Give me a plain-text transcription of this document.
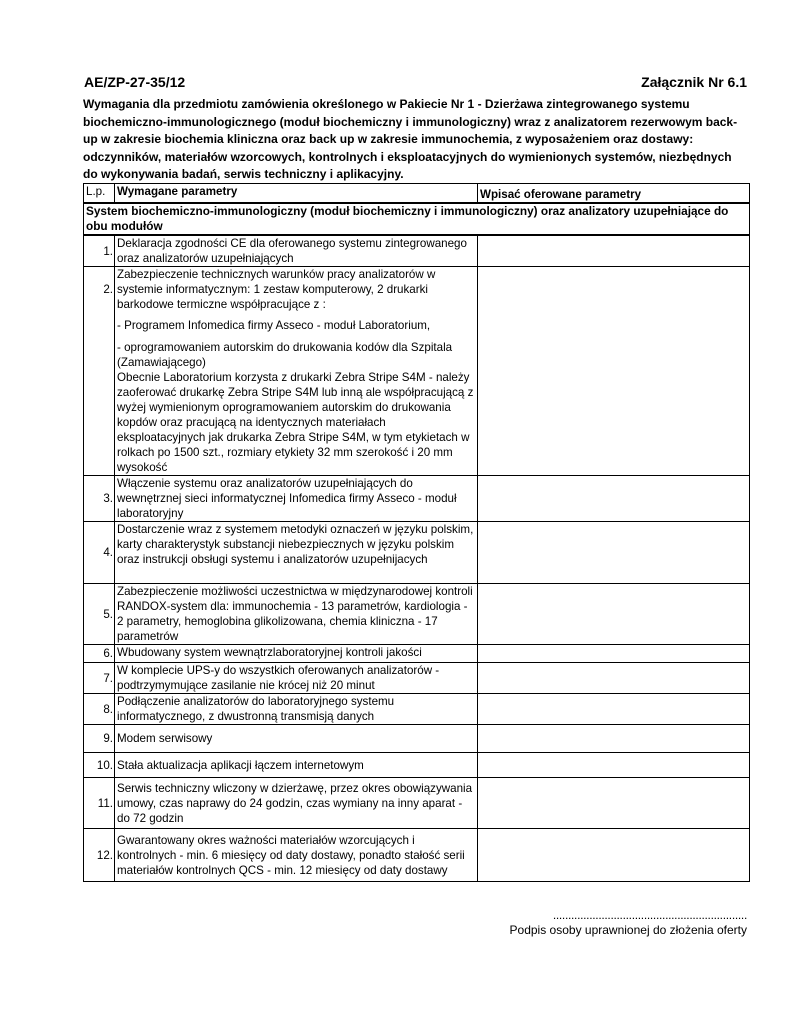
AE/ZP-27-35/12	Załącznik Nr 6.1
Wymagania dla przedmiotu zamówienia określonego w Pakiecie Nr 1 - Dzierżawa zintegrowanego systemu biochemiczno-immunologicznego (moduł biochemiczny i immunologiczny) wraz z analizatorem rezerwowym back-up w zakresie biochemia kliniczna oraz back up w zakresie immunochemia, z wyposażeniem oraz dostawy: odczynników, materiałów wzorcowych, kontrolnych i eksploatacyjnych do wymienionych systemów, niezbędnych do wykonywania badań, serwis techniczny i aplikacyjny.
L.p.	Wymagane parametry	Wpisać oferowane parametry
System biochemiczno-immunologiczny (moduł biochemiczny i immunologiczny) oraz analizatory uzupełniające do obu modułów		
1.	Deklaracja zgodności CE dla oferowanego systemu zintegrowanego oraz analizatorów uzupełniających	
2.	Zabezpieczenie technicznych warunków pracy analizatorów w systemie informatycznym: 1 zestaw komputerowy, 2 drukarki barkodowe termiczne współpracujące z :
- Programem Infomedica firmy Asseco - moduł Laboratorium,
- oprogramowaniem autorskim do drukowania kodów dla Szpitala (Zamawiającego)
Obecnie Laboratorium korzysta z drukarki Zebra Stripe S4M - należy zaoferować drukarkę Zebra Stripe S4M lub inną ale współpracującą z wyżej wymienionym oprogramowaniem autorskim do drukowania kopdów oraz pracującą na identycznych materiałach eksploatacyjnych jak drukarka Zebra Stripe S4M, w tym etykietach w rolkach po 1500 szt., rozmiary etykiety 32 mm szerokość i 20 mm wysokość	

3.	Włączenie systemu oraz analizatorów uzupełniających do wewnętrznej sieci informatycznej Infomedica firmy Asseco - moduł laboratoryjny	
4.	Dostarczenie wraz z systemem metodyki oznaczeń w języku polskim, karty charakterystyk substancji niebezpiecznych w języku polskim oraz instrukcji obsługi systemu i analizatorów uzupełnijacych	
5.	Zabezpieczenie możliwości uczestnictwa w międzynarodowej kontroli RANDOX-system dla: immunochemia - 13 parametrów, kardiologia - 2 parametry, hemoglobina glikolizowana, chemia kliniczna - 17 parametrów	
6.	Wbudowany system wewnątrzlaboratoryjnej kontroli jakości	
7.	W komplecie UPS-y do wszystkich oferowanych analizatorów - podtrzymymujące zasilanie nie krócej niż 20 minut	
8.	Podłączenie analizatorów do laboratoryjnego systemu informatycznego, z dwustronną transmisją danych	
9.	Modem serwisowy	
10.	Stała aktualizacja aplikacji łączem internetowym	
11.	Serwis techniczny wliczony w dzierżawę, przez okres obowiązywania umowy, czas naprawy do 24 godzin, czas wymiany na inny aparat - do 72 godzin	
12.	Gwarantowany okres ważności materiałów wzorcujących i kontrolnych - min. 6 miesięcy od daty dostawy, ponadto stałość serii materiałów kontrolnych QCS - min. 12 miesięcy od daty dostawy	
................................................................
Podpis osoby uprawnionej do złożenia oferty
